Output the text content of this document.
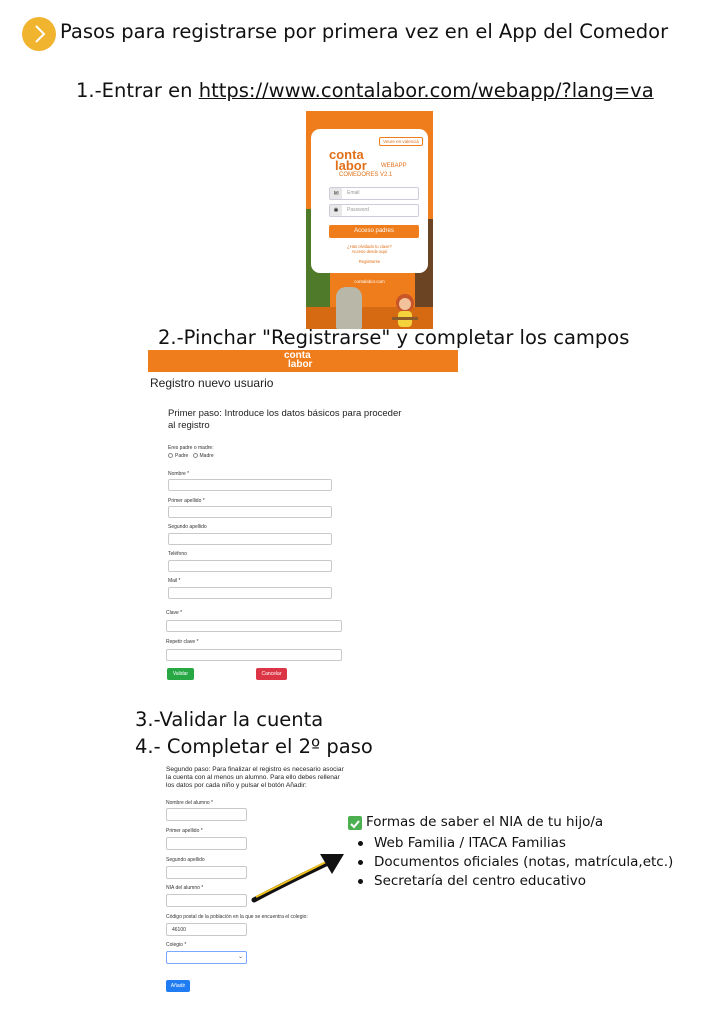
Pasos para registrarse por primera vez en el App del Comedor
1.-Entrar en https://www.contalabor.com/webapp/?lang=va
Veure en valencià
conta
labor WEBAPP
COMEDORES V2.1
✉	Email
✱	Password
Acceso padres
¿Has olvidado tu clave?
Acceso desde aquí
Registrarse
contalabor.com
2.-Pinchar "Registrarse" y completar los campos
conta
labor
Registro nuevo usuario
Primer paso: Introduce los datos básicos para proceder al registro
Eres padre o madre:
Padre Madre
Nombre *
Primer apellido *
Segundo apellido
Teléfono
Mail *
Clave *
Repetir clave *
Validar	Cancelar
3.-Validar la cuenta
4.- Completar el 2º paso
Segundo paso: Para finalizar el registro es necesario asociar la cuenta con al menos un alumno. Para ello debes rellenar los datos por cada niño y pulsar el botón Añadir:
Nombre del alumno *
Primer apellido *
Segundo apellido
NIA del alumno *
Código postal de la población en la que se encuentra el colegio:
46100
Colegio *
⌄
Añadir
Formas de saber el NIA de tu hijo/a
Web Familia / ITACA Familias
Documentos oficiales (notas, matrícula,etc.)
Secretaría del centro educativo
